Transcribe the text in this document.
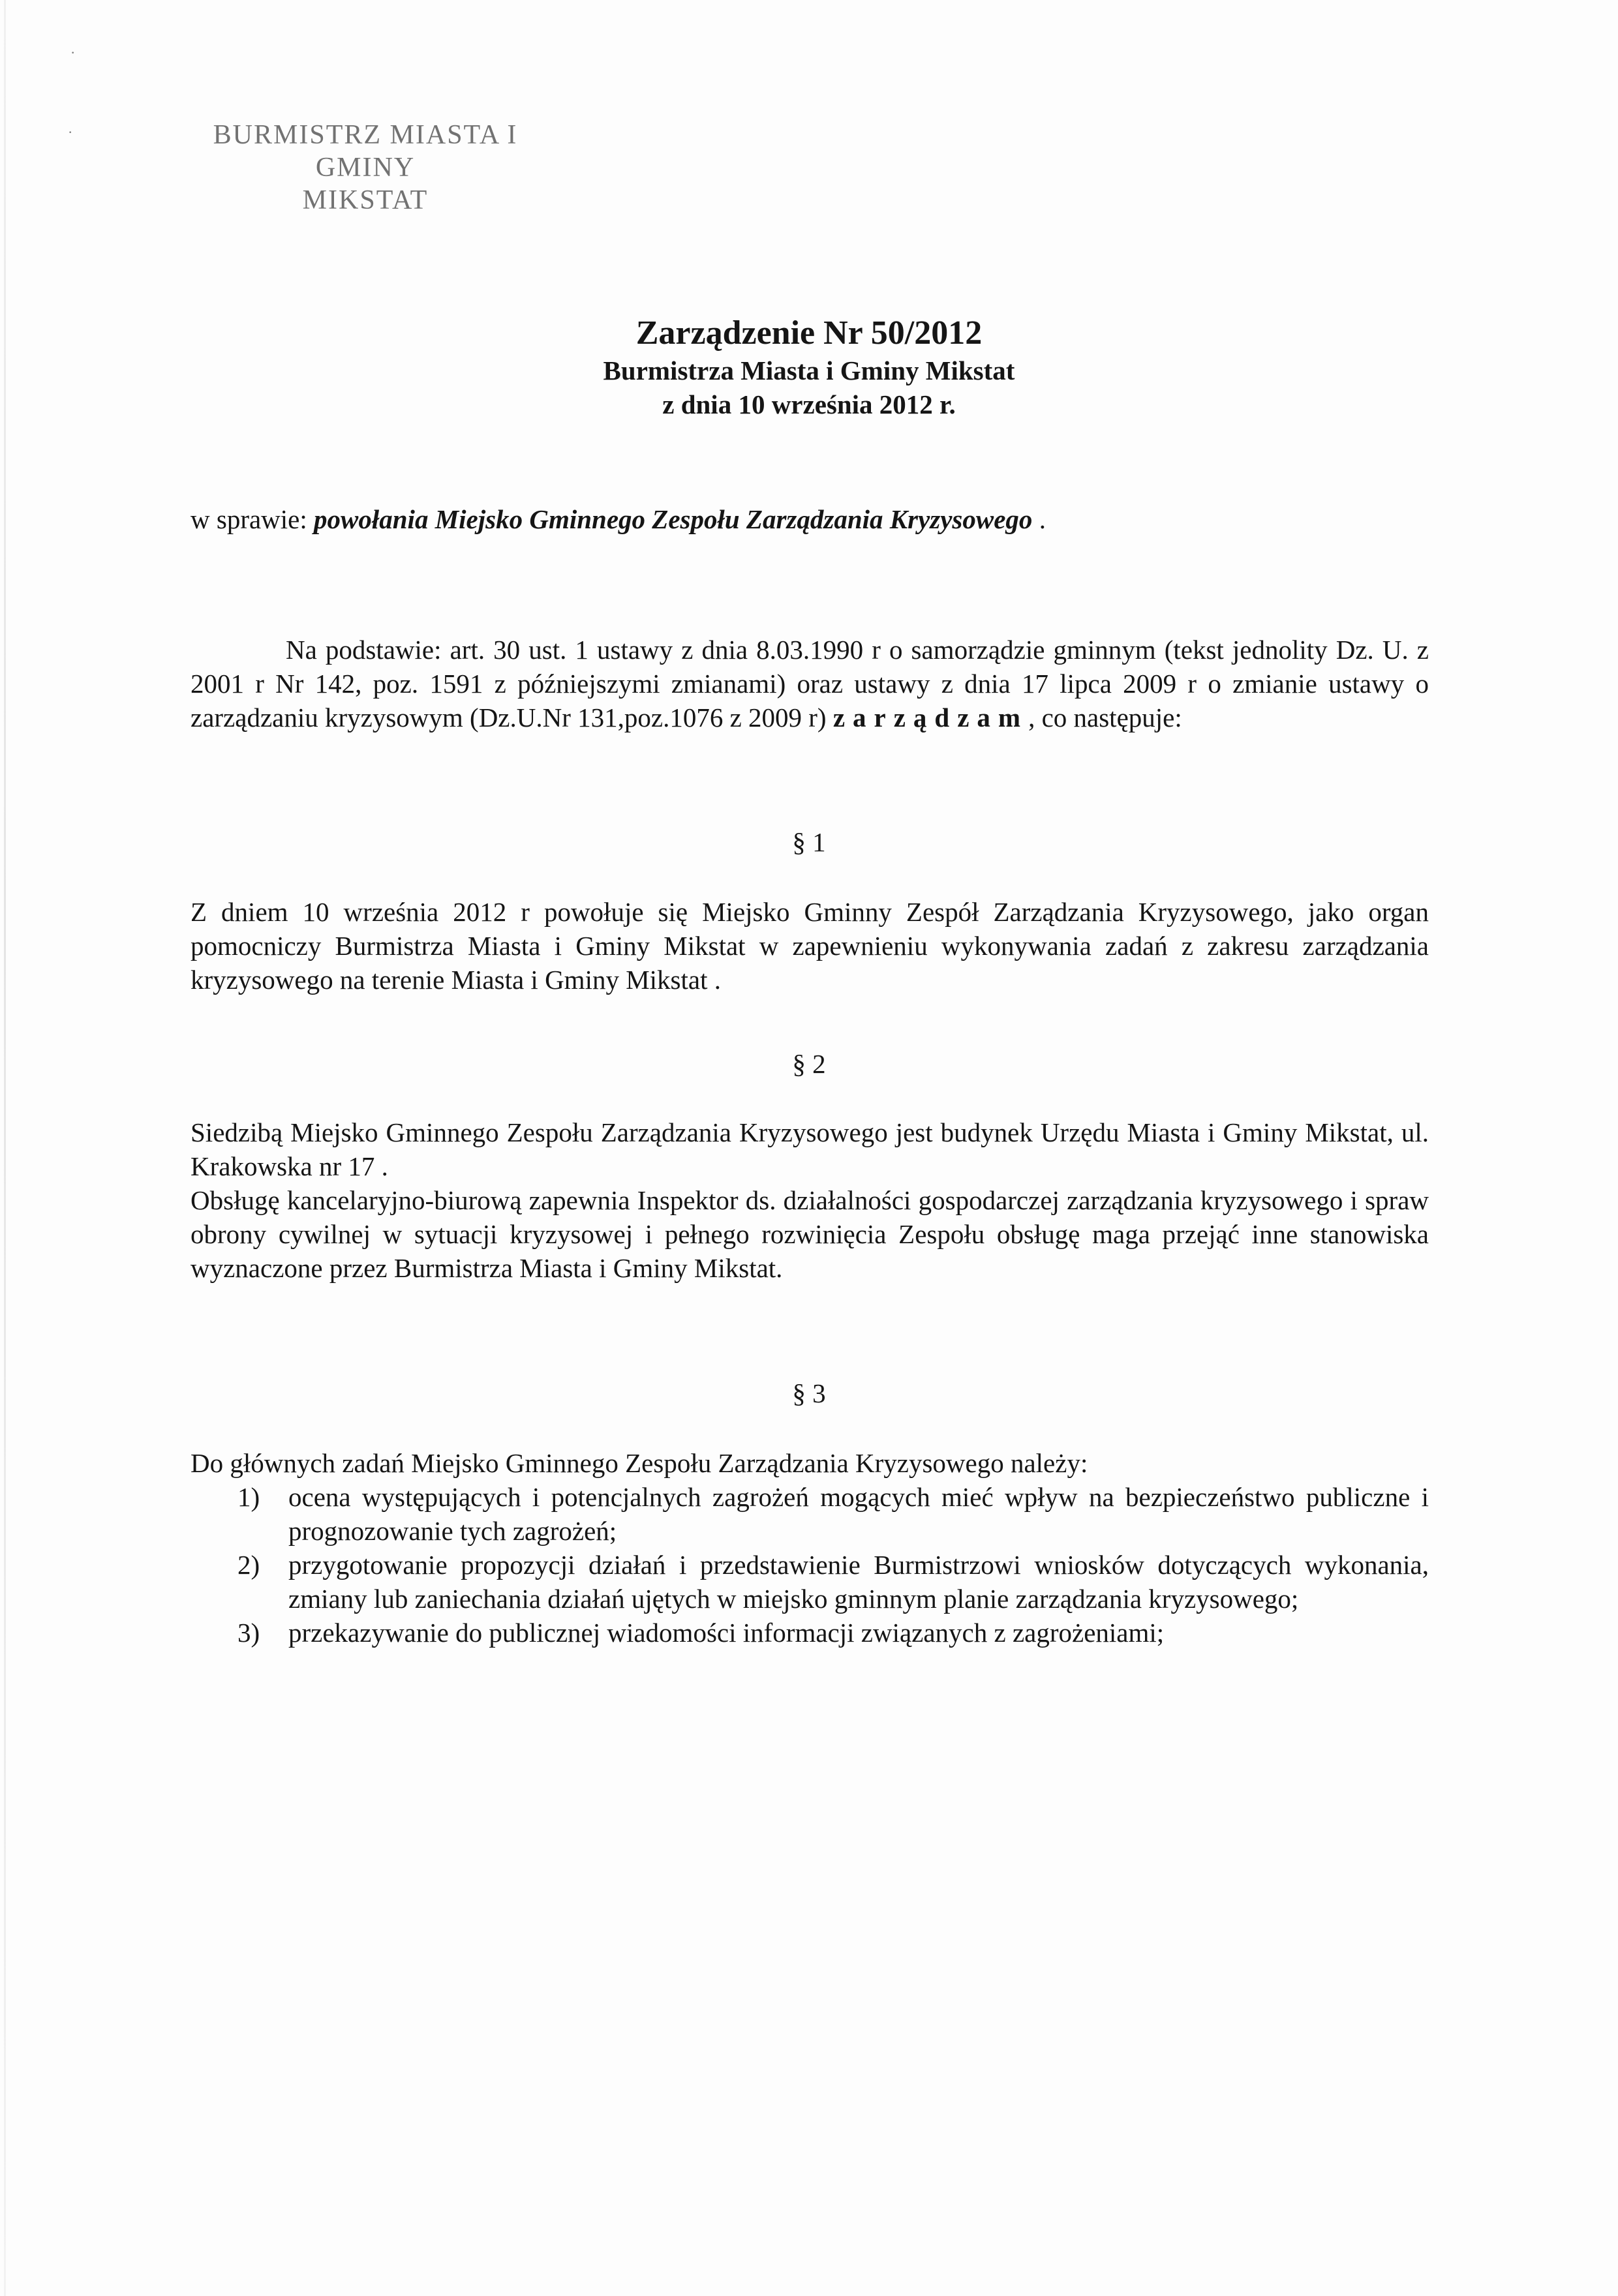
·
·	BURMISTRZ MIASTA I GMINY
MIKSTAT
Zarządzenie Nr 50/2012
Burmistrza Miasta i Gminy Mikstat
z dnia 10 września 2012 r.
w sprawie: powołania Miejsko Gminnego Zespołu Zarządzania Kryzysowego .
Na podstawie: art. 30 ust. 1 ustawy z dnia 8.03.1990 r o samorządzie gminnym (tekst jednolity Dz. U. z 2001 r Nr 142, poz. 1591 z późniejszymi zmianami) oraz ustawy z dnia 17 lipca 2009 r o zmianie ustawy o zarządzaniu kryzysowym (Dz.U.Nr 131,poz.1076 z 2009 r) zarządzam, co następuje:
§ 1
Z dniem 10 września 2012 r powołuje się Miejsko Gminny Zespół Zarządzania Kryzysowego, jako organ pomocniczy Burmistrza Miasta i Gminy Mikstat w zapewnieniu wykonywania zadań z zakresu zarządzania kryzysowego na terenie Miasta i Gminy Mikstat .
§ 2
Siedzibą Miejsko Gminnego Zespołu Zarządzania Kryzysowego jest budynek Urzędu Miasta i Gminy Mikstat, ul. Krakowska nr 17 .
Obsługę kancelaryjno-biurową zapewnia Inspektor ds. działalności gospodarczej zarządzania kryzysowego i spraw obrony cywilnej w sytuacji kryzysowej i pełnego rozwinięcia Zespołu obsługę maga przejąć inne stanowiska wyznaczone przez Burmistrza Miasta i Gminy Mikstat.
§ 3
Do głównych zadań Miejsko Gminnego Zespołu Zarządzania Kryzysowego należy:
1) ocena występujących i potencjalnych zagrożeń mogących mieć wpływ na bezpieczeństwo publiczne i prognozowanie tych zagrożeń;
2) przygotowanie propozycji działań i przedstawienie Burmistrzowi wniosków dotyczących wykonania, zmiany lub zaniechania działań ujętych w miejsko gminnym planie zarządzania kryzysowego;
3) przekazywanie do publicznej wiadomości informacji związanych z zagrożeniami;
